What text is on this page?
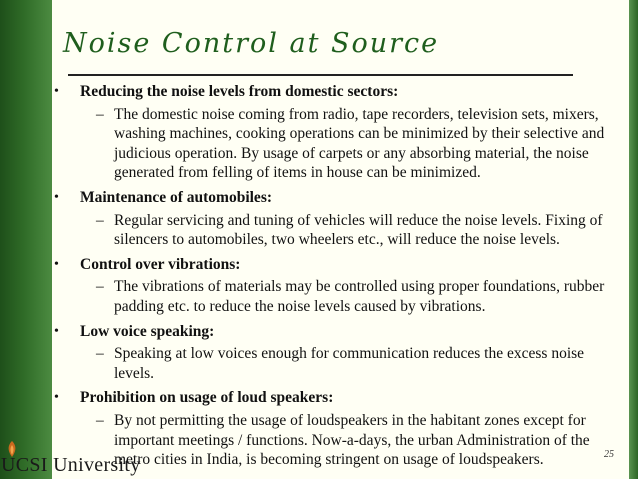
Noise Control at Source
• Reducing the noise levels from domestic sectors:
– The domestic noise coming from radio, tape recorders, television sets, mixers, washing machines, cooking operations can be minimized by their selective and judicious operation. By usage of carpets or any absorbing material, the noise generated from felling of items in house can be minimized.
• Maintenance of automobiles:
– Regular servicing and tuning of vehicles will reduce the noise levels. Fixing of silencers to automobiles, two wheelers etc., will reduce the noise levels.
• Control over vibrations:
– The vibrations of materials may be controlled using proper foundations, rubber padding etc. to reduce the noise levels caused by vibrations.
• Low voice speaking:
– Speaking at low voices enough for communication reduces the excess noise levels.
• Prohibition on usage of loud speakers:
– By not permitting the usage of loudspeakers in the habitant zones except for important meetings / functions. Now-a-days, the urban Administration of the metro cities in India, is becoming stringent on usage of loudspeakers.	25
UCSI University
